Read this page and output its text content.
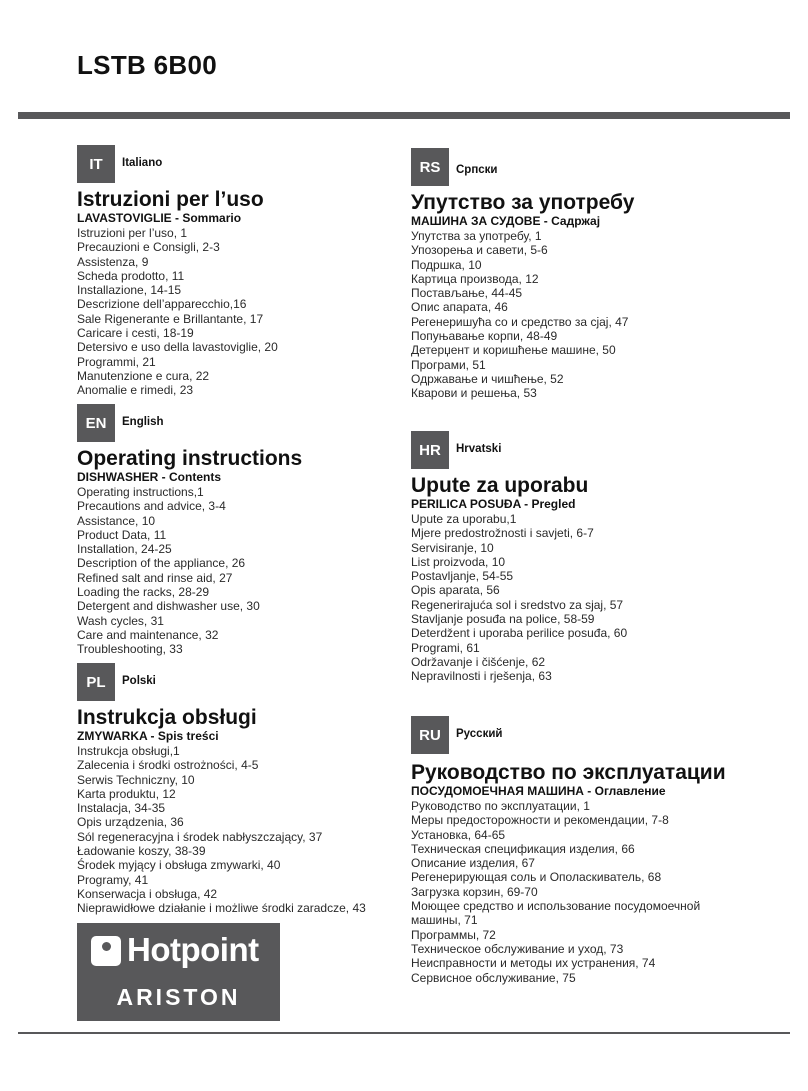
LSTB 6B00
IT	Italiano
Istruzioni per l’uso
LAVASTOVIGLIE - Sommario
Istruzioni per l’uso, 1
Precauzioni e Consigli, 2-3
Assistenza, 9
Scheda prodotto, 11
Installazione, 14-15
Descrizione dell’apparecchio,16
Sale Rigenerante e Brillantante, 17
Caricare i cesti, 18-19
Detersivo e uso della lavastoviglie, 20
Programmi, 21
Manutenzione e cura, 22
Anomalie e rimedi, 23
EN	English
Operating instructions
DISHWASHER - Contents
Operating instructions,1
Precautions and advice, 3-4
Assistance, 10
Product Data, 11
Installation, 24-25
Description of the appliance, 26
Refined salt and rinse aid, 27
Loading the racks, 28-29
Detergent and dishwasher use, 30
Wash cycles, 31
Care and maintenance, 32
Troubleshooting, 33
PL	Polski
Instrukcja obsługi
ZMYWARKA - Spis treści
Instrukcja obsługi,1
Zalecenia i środki ostrożności, 4-5
Serwis Techniczny, 10
Karta produktu, 12
Instalacja, 34-35
Opis urządzenia, 36
Sól regeneracyjna i środek nabłyszczający, 37
Ładowanie koszy, 38-39
Środek myjący i obsługa zmywarki, 40
Programy, 41
Konserwacja i obsługa, 42
Nieprawidłowe działanie i możliwe środki zaradcze, 43
RS	Српски
Упутство за употребу
МАШИНА ЗА СУДОВЕ - Садржај
Упутства за употребу, 1
Упозорења и савети, 5-6
Подршка, 10
Картица производа, 12
Постављање, 44-45
Опис апарата, 46
Регенеришућа со и средство за сјај, 47
Попуњавање корпи, 48-49
Детерџент и коришћење машине, 50
Програми, 51
Одржавање и чишћење, 52
Кварови и решења, 53
HR	Hrvatski
Upute za uporabu
PERILICA POSUĐA - Pregled
Upute za uporabu,1
Mjere predostrožnosti i savjeti, 6-7
Servisiranje, 10
List proizvoda, 10
Postavljanje, 54-55
Opis aparata, 56
Regenerirajuća sol i sredstvo za sjaj, 57
Stavljanje posuđa na police, 58-59
Deterdžent i uporaba perilice posuđa, 60
Programi, 61
Održavanje i čišćenje, 62
Nepravilnosti i rješenja, 63
RU	Русский
Руководство по эксплуатации
ПОСУДОМОЕЧНАЯ МАШИНА - Оглавление
Руководство по эксплуатации, 1
Меры предосторожности и рекомендации, 7-8
Установка, 64-65
Техническая спецификация изделия, 66
Описание изделия, 67
Регенерирующая соль и Ополаскиватель, 68
Загрузка корзин, 69-70
Моющее средство и использование посудомоечной
машины, 71
Программы, 72
Техническое обслуживание и уход, 73
Неисправности и методы их устранения, 74
Сервисное обслуживание, 75
Hotpoint
ARISTON
